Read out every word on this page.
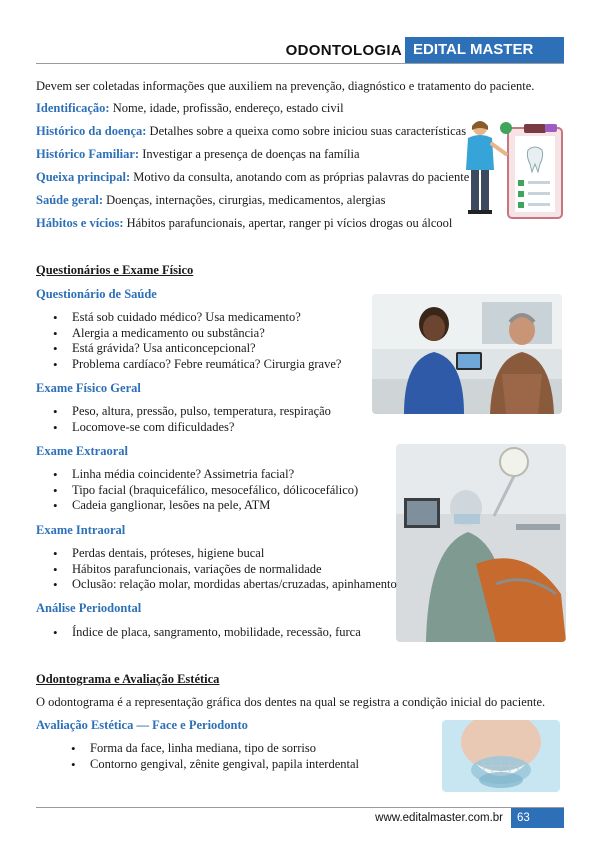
ODONTOLOGIA EDITAL MASTER
Devem ser coletadas informações que auxiliem na prevenção, diagnóstico e tratamento do paciente.
Identificação: Nome, idade, profissão, endereço, estado civil
Histórico da doença: Detalhes sobre a queixa como sobre iniciou suas características
Histórico Familiar: Investigar a presença de doenças na família
Queixa principal: Motivo da consulta, anotando com as próprias palavras do paciente
Saúde geral: Doenças, internações, cirurgias, medicamentos, alergias
Hábitos e vícios: Hábitos parafuncionais, apertar, ranger pi vícios drogas ou álcool
Questionários e Exame Físico
Questionário de Saúde
• Está sob cuidado médico? Usa medicamento?
• Alergia a medicamento ou substância?
• Está grávida? Usa anticoncepcional?
• Problema cardíaco? Febre reumática? Cirurgia grave?
Exame Físico Geral
• Peso, altura, pressão, pulso, temperatura, respiração
• Locomove-se com dificuldades?
Exame Extraoral
• Linha média coincidente? Assimetria facial?
• Tipo facial (braquicefálico, mesocefálico, dólicocefálico)
• Cadeia ganglionar, lesões na pele, ATM
Exame Intraoral
• Perdas dentais, próteses, higiene bucal
• Hábitos parafuncionais, variações de normalidade
• Oclusão: relação molar, mordidas abertas/cruzadas, apinhamento
Análise Periodontal
• Índice de placa, sangramento, mobilidade, recessão, furca
Odontograma e Avaliação Estética
O odontograma é a representação gráfica dos dentes na qual se registra a condição inicial do paciente.
Avaliação Estética — Face e Periodonto
• Forma da face, linha mediana, tipo de sorriso
• Contorno gengival, zênite gengival, papila interdental
www.editalmaster.com.br	63
